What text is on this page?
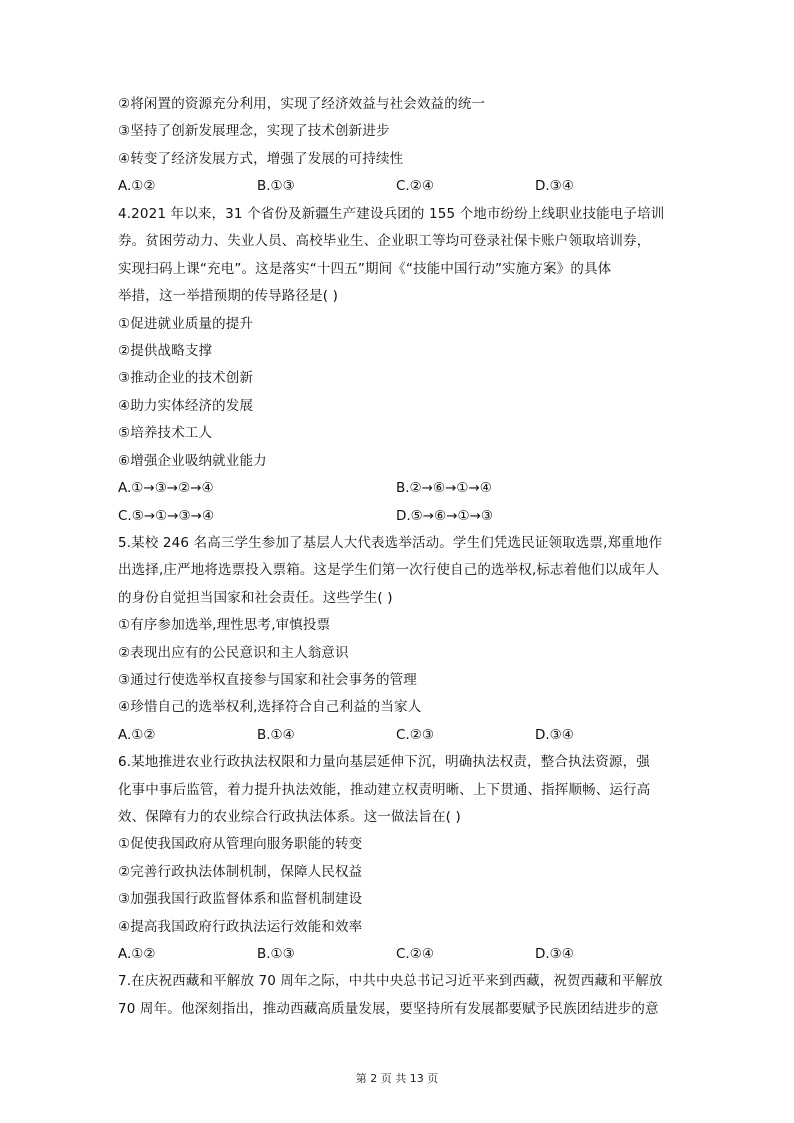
②将闲置的资源充分利用，实现了经济效益与社会效益的统一
③坚持了创新发展理念，实现了技术创新进步
④转变了经济发展方式，增强了发展的可持续性
A.①②	B.①③	C.②④	D.③④
4.2021 年以来，31 个省份及新疆生产建设兵团的 155 个地市纷纷上线职业技能电子培训
券。贫困劳动力、失业人员、高校毕业生、企业职工等均可登录社保卡账户领取培训券，
实现扫码上课“充电”。这是落实“十四五”期间《“技能中国行动”实施方案》的具体
举措，这一举措预期的传导路径是( )
①促进就业质量的提升
②提供战略支撑
③推动企业的技术创新
④助力实体经济的发展
⑤培养技术工人
⑥增强企业吸纳就业能力
A.①→③→②→④	B.②→⑥→①→④
C.⑤→①→③→④	D.⑤→⑥→①→③
5.某校 246 名高三学生参加了基层人大代表选举活动。学生们凭选民证领取选票,郑重地作
出选择,庄严地将选票投入票箱。这是学生们第一次行使自己的选举权,标志着他们以成年人
的身份自觉担当国家和社会责任。这些学生( )
①有序参加选举,理性思考,审慎投票
②表现出应有的公民意识和主人翁意识
③通过行使选举权直接参与国家和社会事务的管理
④珍惜自己的选举权利,选择符合自己利益的当家人
A.①②	B.①④	C.②③	D.③④
6.某地推进农业行政执法权限和力量向基层延伸下沉，明确执法权责，整合执法资源，强
化事中事后监管，着力提升执法效能，推动建立权责明晰、上下贯通、指挥顺畅、运行高
效、保障有力的农业综合行政执法体系。这一做法旨在( )
①促使我国政府从管理向服务职能的转变
②完善行政执法体制机制，保障人民权益
③加强我国行政监督体系和监督机制建设
④提高我国政府行政执法运行效能和效率
A.①②	B.①③	C.②④	D.③④
7.在庆祝西藏和平解放 70 周年之际，中共中央总书记习近平来到西藏，祝贺西藏和平解放
70 周年。他深刻指出，推动西藏高质量发展，要坚持所有发展都要赋予民族团结进步的意
第 2 页 共 13 页
